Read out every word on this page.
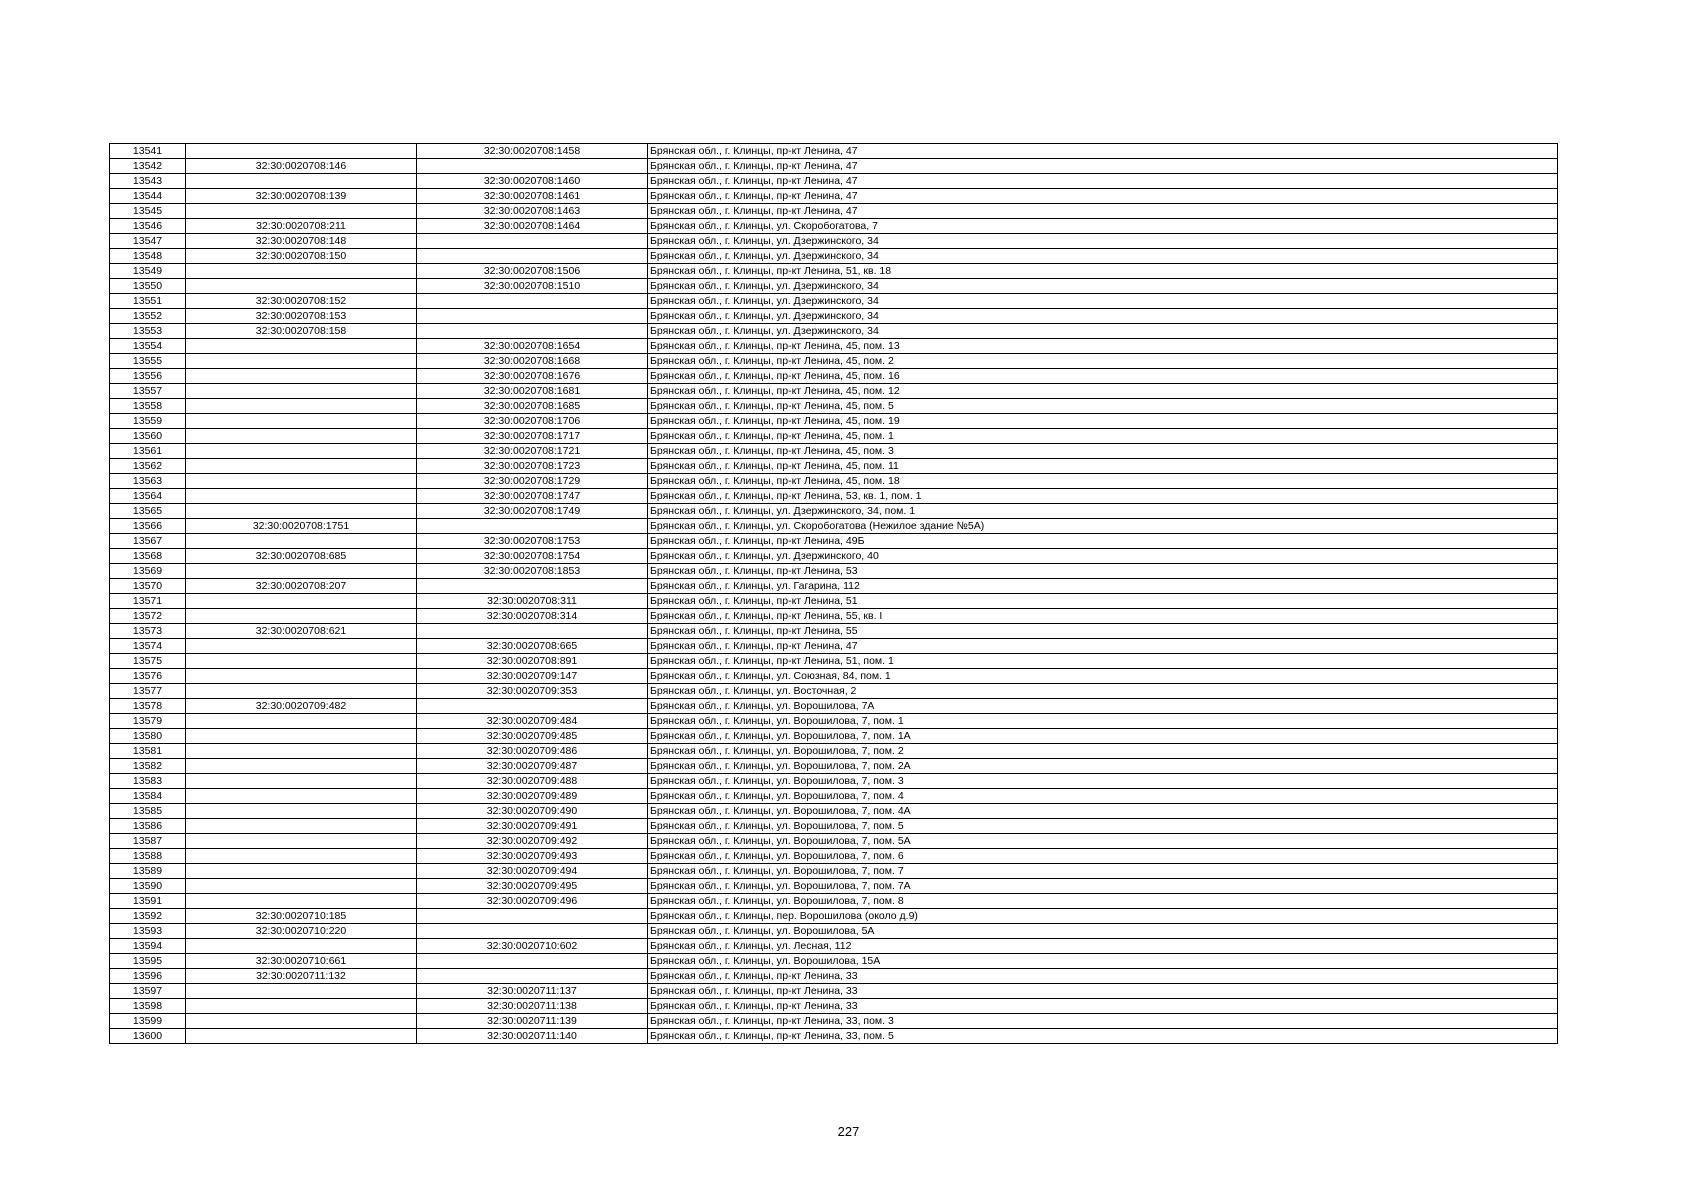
13541		32:30:0020708:1458	Брянская обл., г. Клинцы, пр-кт Ленина, 47
13542	32:30:0020708:146		Брянская обл., г. Клинцы, пр-кт Ленина, 47
13543		32:30:0020708:1460	Брянская обл., г. Клинцы, пр-кт Ленина, 47
13544	32:30:0020708:139	32:30:0020708:1461	Брянская обл., г. Клинцы, пр-кт Ленина, 47
13545		32:30:0020708:1463	Брянская обл., г. Клинцы, пр-кт Ленина, 47
13546	32:30:0020708:211	32:30:0020708:1464	Брянская обл., г. Клинцы, ул. Скоробогатова, 7
13547	32:30:0020708:148		Брянская обл., г. Клинцы, ул. Дзержинского, 34
13548	32:30:0020708:150		Брянская обл., г. Клинцы, ул. Дзержинского, 34
13549		32:30:0020708:1506	Брянская обл., г. Клинцы, пр-кт Ленина, 51, кв. 18
13550		32:30:0020708:1510	Брянская обл., г. Клинцы, ул. Дзержинского, 34
13551	32:30:0020708:152		Брянская обл., г. Клинцы, ул. Дзержинского, 34
13552	32:30:0020708:153		Брянская обл., г. Клинцы, ул. Дзержинского, 34
13553	32:30:0020708:158		Брянская обл., г. Клинцы, ул. Дзержинского, 34
13554		32:30:0020708:1654	Брянская обл., г. Клинцы, пр-кт Ленина, 45, пом. 13
13555		32:30:0020708:1668	Брянская обл., г. Клинцы, пр-кт Ленина, 45, пом. 2
13556		32:30:0020708:1676	Брянская обл., г. Клинцы, пр-кт Ленина, 45, пом. 16
13557		32:30:0020708:1681	Брянская обл., г. Клинцы, пр-кт Ленина, 45, пом. 12
13558		32:30:0020708:1685	Брянская обл., г. Клинцы, пр-кт Ленина, 45, пом. 5
13559		32:30:0020708:1706	Брянская обл., г. Клинцы, пр-кт Ленина, 45, пом. 19
13560		32:30:0020708:1717	Брянская обл., г. Клинцы, пр-кт Ленина, 45, пом. 1
13561		32:30:0020708:1721	Брянская обл., г. Клинцы, пр-кт Ленина, 45, пом. 3
13562		32:30:0020708:1723	Брянская обл., г. Клинцы, пр-кт Ленина, 45, пом. 11
13563		32:30:0020708:1729	Брянская обл., г. Клинцы, пр-кт Ленина, 45, пом. 18
13564		32:30:0020708:1747	Брянская обл., г. Клинцы, пр-кт Ленина, 53, кв. 1, пом. 1
13565		32:30:0020708:1749	Брянская обл., г. Клинцы, ул. Дзержинского, 34, пом. 1
13566	32:30:0020708:1751		Брянская обл., г. Клинцы, ул. Скоробогатова (Нежилое здание №5А)
13567		32:30:0020708:1753	Брянская обл., г. Клинцы, пр-кт Ленина, 49Б
13568	32:30:0020708:685	32:30:0020708:1754	Брянская обл., г. Клинцы, ул. Дзержинского, 40
13569		32:30:0020708:1853	Брянская обл., г. Клинцы, пр-кт Ленина, 53
13570	32:30:0020708:207		Брянская обл., г. Клинцы, ул. Гагарина, 112
13571		32:30:0020708:311	Брянская обл., г. Клинцы, пр-кт Ленина, 51
13572		32:30:0020708:314	Брянская обл., г. Клинцы, пр-кт Ленина, 55, кв. I
13573	32:30:0020708:621		Брянская обл., г. Клинцы, пр-кт Ленина, 55
13574		32:30:0020708:665	Брянская обл., г. Клинцы, пр-кт Ленина, 47
13575		32:30:0020708:891	Брянская обл., г. Клинцы, пр-кт Ленина, 51, пом. 1
13576		32:30:0020709:147	Брянская обл., г. Клинцы, ул. Союзная, 84, пом. 1
13577		32:30:0020709:353	Брянская обл., г. Клинцы, ул. Восточная, 2
13578	32:30:0020709:482		Брянская обл., г. Клинцы, ул. Ворошилова, 7А
13579		32:30:0020709:484	Брянская обл., г. Клинцы, ул. Ворошилова, 7, пом. 1
13580		32:30:0020709:485	Брянская обл., г. Клинцы, ул. Ворошилова, 7, пом. 1А
13581		32:30:0020709:486	Брянская обл., г. Клинцы, ул. Ворошилова, 7, пом. 2
13582		32:30:0020709:487	Брянская обл., г. Клинцы, ул. Ворошилова, 7, пом. 2А
13583		32:30:0020709:488	Брянская обл., г. Клинцы, ул. Ворошилова, 7, пом. 3
13584		32:30:0020709:489	Брянская обл., г. Клинцы, ул. Ворошилова, 7, пом. 4
13585		32:30:0020709:490	Брянская обл., г. Клинцы, ул. Ворошилова, 7, пом. 4А
13586		32:30:0020709:491	Брянская обл., г. Клинцы, ул. Ворошилова, 7, пом. 5
13587		32:30:0020709:492	Брянская обл., г. Клинцы, ул. Ворошилова, 7, пом. 5А
13588		32:30:0020709:493	Брянская обл., г. Клинцы, ул. Ворошилова, 7, пом. 6
13589		32:30:0020709:494	Брянская обл., г. Клинцы, ул. Ворошилова, 7, пом. 7
13590		32:30:0020709:495	Брянская обл., г. Клинцы, ул. Ворошилова, 7, пом. 7А
13591		32:30:0020709:496	Брянская обл., г. Клинцы, ул. Ворошилова, 7, пом. 8
13592	32:30:0020710:185		Брянская обл., г. Клинцы, пер. Ворошилова (около д.9)
13593	32:30:0020710:220		Брянская обл., г. Клинцы, ул. Ворошилова, 5А
13594		32:30:0020710:602	Брянская обл., г. Клинцы, ул. Лесная, 112
13595	32:30:0020710:661		Брянская обл., г. Клинцы, ул. Ворошилова, 15А
13596	32:30:0020711:132		Брянская обл., г. Клинцы, пр-кт Ленина, 33
13597		32:30:0020711:137	Брянская обл., г. Клинцы, пр-кт Ленина, 33
13598		32:30:0020711:138	Брянская обл., г. Клинцы, пр-кт Ленина, 33
13599		32:30:0020711:139	Брянская обл., г. Клинцы, пр-кт Ленина, 33, пом. 3
13600		32:30:0020711:140	Брянская обл., г. Клинцы, пр-кт Ленина, 33, пом. 5
227
